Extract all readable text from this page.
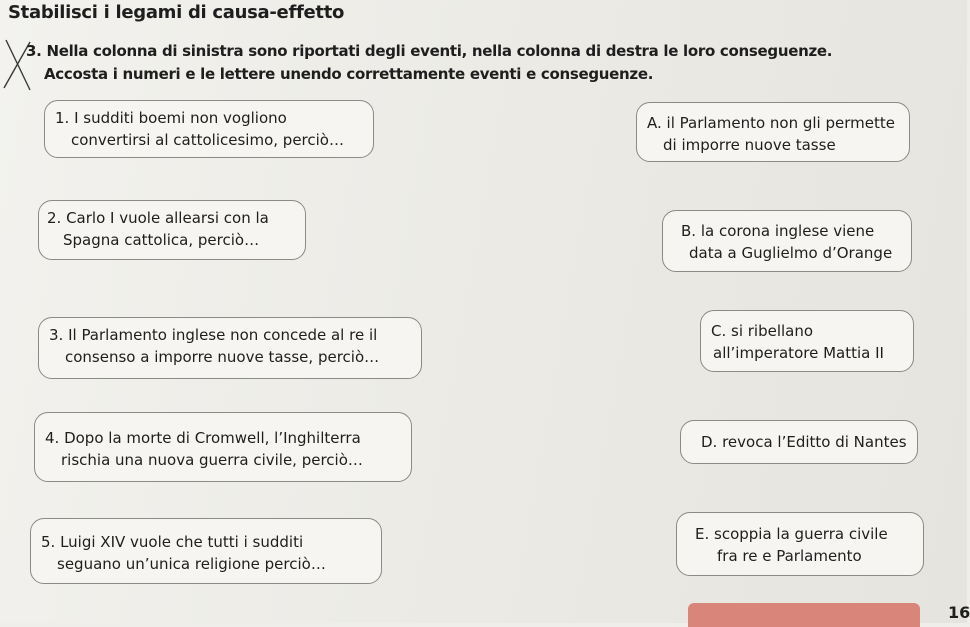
Stabilisci i legami di causa-effetto
3. Nella colonna di sinistra sono riportati degli eventi, nella colonna di destra le loro conseguenze.
Accosta i numeri e le lettere unendo correttamente eventi e conseguenze.
1. I sudditi boemi non vogliono
convertirsi al cattolicesimo, perciò…
2. Carlo I vuole allearsi con la
Spagna cattolica, perciò…
3. Il Parlamento inglese non concede al re il
consenso a imporre nuove tasse, perciò…
4. Dopo la morte di Cromwell, l’Inghilterra
rischia una nuova guerra civile, perciò…
5. Luigi XIV vuole che tutti i sudditi
seguano un’unica religione perciò…
A. il Parlamento non gli permette
di imporre nuove tasse
B. la corona inglese viene
data a Guglielmo d’Orange
C. si ribellano
all’imperatore Mattia II
D. revoca l’Editto di Nantes
E. scoppia la guerra civile
fra re e Parlamento
16
